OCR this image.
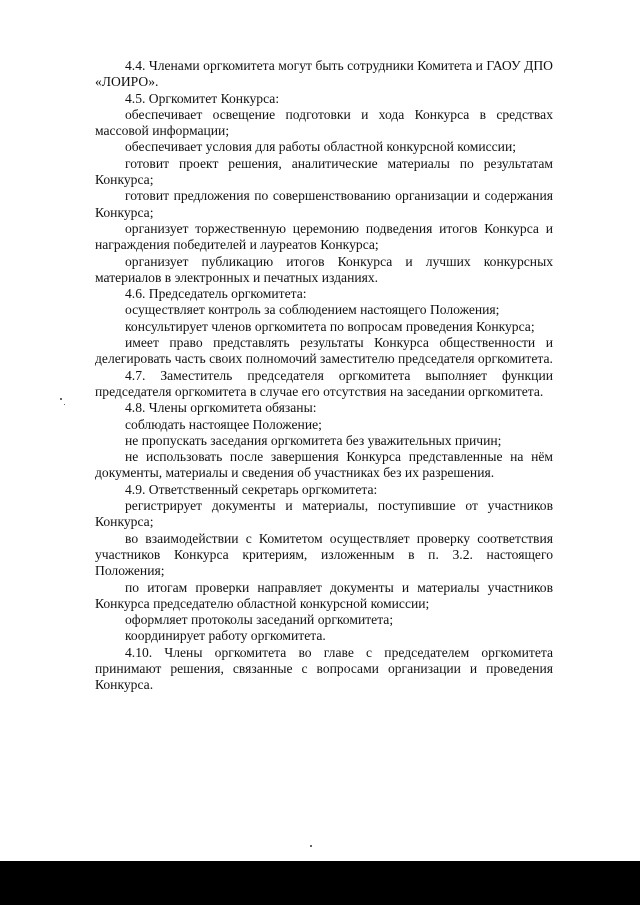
4.4. Членами оргкомитета могут быть сотрудники Комитета и ГАОУ ДПО «ЛОИРО».

4.5. Оргкомитет Конкурса:

обеспечивает освещение подготовки и хода Конкурса в средствах массовой информации;

обеспечивает условия для работы областной конкурсной комиссии;

готовит проект решения, аналитические материалы по результатам Конкурса;

готовит предложения по совершенствованию организации и содержания Конкурса;

организует торжественную церемонию подведения итогов Конкурса и награждения победителей и лауреатов Конкурса;

организует публикацию итогов Конкурса и лучших конкурсных материалов в электронных и печатных изданиях.

4.6. Председатель оргкомитета:

осуществляет контроль за соблюдением настоящего Положения;

консультирует членов оргкомитета по вопросам проведения Конкурса;

имеет право представлять результаты Конкурса общественности и делегировать часть своих полномочий заместителю председателя оргкомитета.

4.7. Заместитель председателя оргкомитета выполняет функции председателя оргкомитета в случае его отсутствия на заседании оргкомитета.

4.8. Члены оргкомитета обязаны:

соблюдать настоящее Положение;

не пропускать заседания оргкомитета без уважительных причин;

не использовать после завершения Конкурса представленные на нём документы, материалы и сведения об участниках без их разрешения.

4.9. Ответственный секретарь оргкомитета:

регистрирует документы и материалы, поступившие от участников Конкурса;

во взаимодействии с Комитетом осуществляет проверку соответствия участников Конкурса критериям, изложенным в п. 3.2. настоящего Положения;

по итогам проверки направляет документы и материалы участников Конкурса председателю областной конкурсной комиссии;

оформляет протоколы заседаний оргкомитета;

координирует работу оргкомитета.

4.10. Члены оргкомитета во главе с председателем оргкомитета принимают решения, связанные с вопросами организации и проведения Конкурса.
